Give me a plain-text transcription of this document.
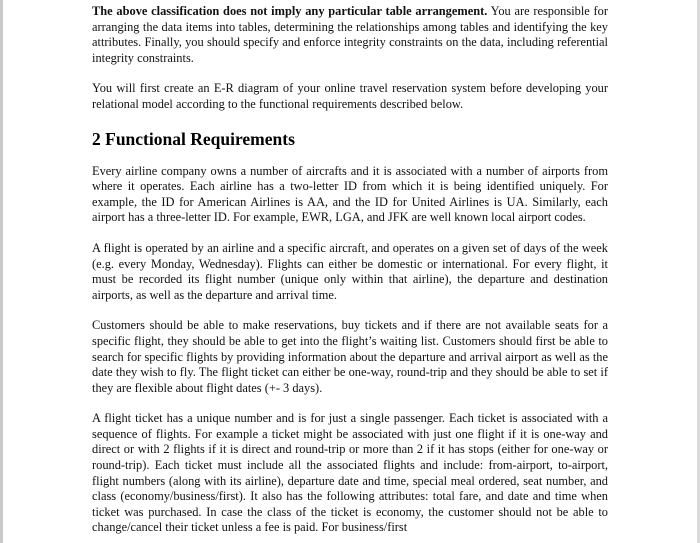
The above classification does not imply any particular table arrangement. You are responsible for arranging the data items into tables, determining the relationships among tables and identifying the key attributes. Finally, you should specify and enforce integrity constraints on the data, including referential integrity constraints.

You will first create an E-R diagram of your online travel reservation system before developing your relational model according to the functional requirements described below.

2 Functional Requirements

Every airline company owns a number of aircrafts and it is associated with a number of airports from where it operates. Each airline has a two-letter ID from which it is being identified uniquely. For example, the ID for American Airlines is AA, and the ID for United Airlines is UA. Similarly, each airport has a three-letter ID. For example, EWR, LGA, and JFK are well known local airport codes.

A flight is operated by an airline and a specific aircraft, and operates on a given set of days of the week (e.g. every Monday, Wednesday). Flights can either be domestic or international. For every flight, it must be recorded its flight number (unique only within that airline), the departure and destination airports, as well as the departure and arrival time.

Customers should be able to make reservations, buy tickets and if there are not available seats for a specific flight, they should be able to get into the flight’s waiting list. Customers should first be able to search for specific flights by providing information about the departure and arrival airport as well as the date they wish to fly. The flight ticket can either be one-way, round-trip and they should be able to set if they are flexible about flight dates (+- 3 days).

A flight ticket has a unique number and is for just a single passenger. Each ticket is associated with a sequence of flights. For example a ticket might be associated with just one flight if it is one-way and direct or with 2 flights if it is direct and round-trip or more than 2 if it has stops (either for one-way or round-trip). Each ticket must include all the associated flights and include: from-airport, to-airport, flight numbers (along with its airline), departure date and time, special meal ordered, seat number, and class (economy/business/first). It also has the following attributes: total fare, and date and time when ticket was purchased. In case the class of the ticket is economy, the customer should not be able to change/cancel their ticket unless a fee is paid. For business/first
